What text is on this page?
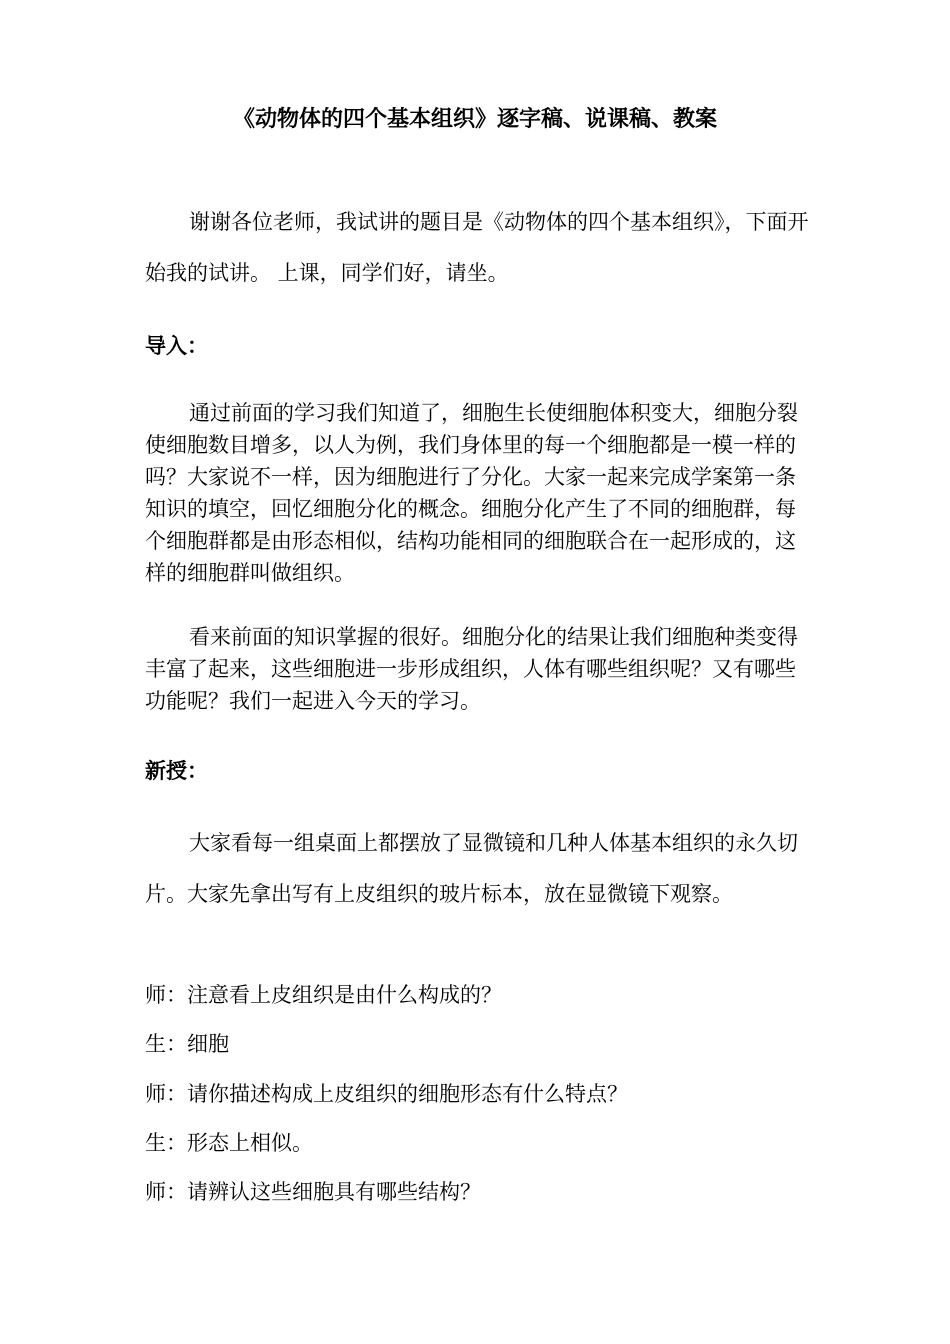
《动物体的四个基本组织》逐字稿、说课稿、教案

谢谢各位老师，我试讲的题目是《动物体的四个基本组织》，下面开始我的试讲。 上课，同学们好，请坐。

导入：

通过前面的学习我们知道了，细胞生长使细胞体积变大，细胞分裂使细胞数目增多，以人为例，我们身体里的每一个细胞都是一模一样的吗？大家说不一样，因为细胞进行了分化。大家一起来完成学案第一条知识的填空，回忆细胞分化的概念。细胞分化产生了不同的细胞群，每个细胞群都是由形态相似，结构功能相同的细胞联合在一起形成的，这样的细胞群叫做组织。

看来前面的知识掌握的很好。细胞分化的结果让我们细胞种类变得丰富了起来，这些细胞进一步形成组织，人体有哪些组织呢？又有哪些功能呢？我们一起进入今天的学习。

新授：

大家看每一组桌面上都摆放了显微镜和几种人体基本组织的永久切片。大家先拿出写有上皮组织的玻片标本，放在显微镜下观察。

师：注意看上皮组织是由什么构成的？
生：细胞
师：请你描述构成上皮组织的细胞形态有什么特点？
生：形态上相似。
师：请辨认这些细胞具有哪些结构？
